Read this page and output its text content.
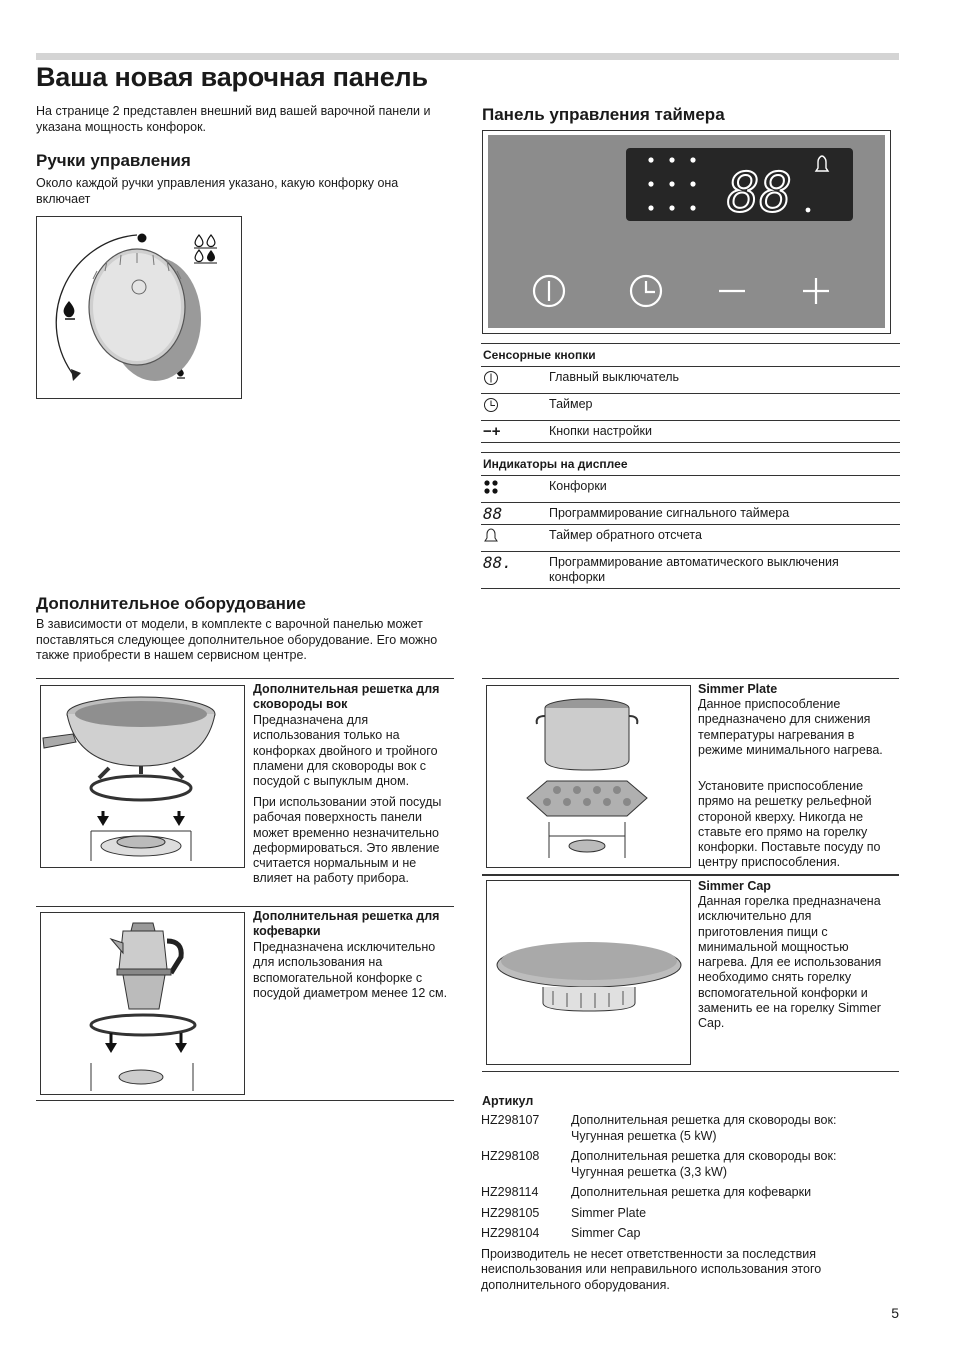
Ваша новая варочная панель
На странице 2 представлен внешний вид вашей варочной панели и указана мощность конфорок.
Ручки управления
Около каждой ручки управления указано, какую конфорку она включает
Панель управления таймера
88
Сенсорные кнопки	
	Главный выключатель
	Таймер
−+	Кнопки настройки
Индикаторы на дисплее	
	Конфорки
88	Программирование сигнального таймера
	Таймер обратного отсчета
88.	Программирование автоматического выключения конфорки
Дополнительное оборудование
В зависимости от модели, в комплекте с варочной панелью может поставляться следующее дополнительное оборудование. Его можно также приобрести в нашем сервисном центре.
Дополнительная решетка для сковороды вок
Предназначена для использования только на конфорках двойного и тройного пламени для сковороды вок с посудой с выпуклым дном.
При использовании этой посуды рабочая поверхность панели может временно незначительно деформироваться. Это явление считается нормальным и не влияет на работу прибора.
Дополнительная решетка для кофеварки
Предназначена исключительно для использования на вспомогательной конфорке с посудой диаметром менее 12 см.
Simmer Plate
Данное приспособление предназначено для снижения температуры нагревания в режиме минимального нагрева.
Установите приспособление прямо на решетку рельефной стороной кверху. Никогда не ставьте его прямо на горелку конфорки. Поставьте посуду по центру приспособления.
Simmer Cap
Данная горелка предназначена исключительно для приготовления пищи с минимальной мощностью нагрева. Для ее использования необходимо снять горелку вспомогательной конфорки и заменить ее на горелку Simmer Cap.
Артикул
HZ298107	Дополнительная решетка для сковороды вок: Чугунная решетка (5 kW)
HZ298108	Дополнительная решетка для сковороды вок: Чугунная решетка (3,3 kW)
HZ298114	Дополнительная решетка для кофеварки
HZ298105	Simmer Plate
HZ298104	Simmer Cap
Производитель не несет ответственности за последствия неиспользования или неправильного использования этого дополнительного оборудования.
5
